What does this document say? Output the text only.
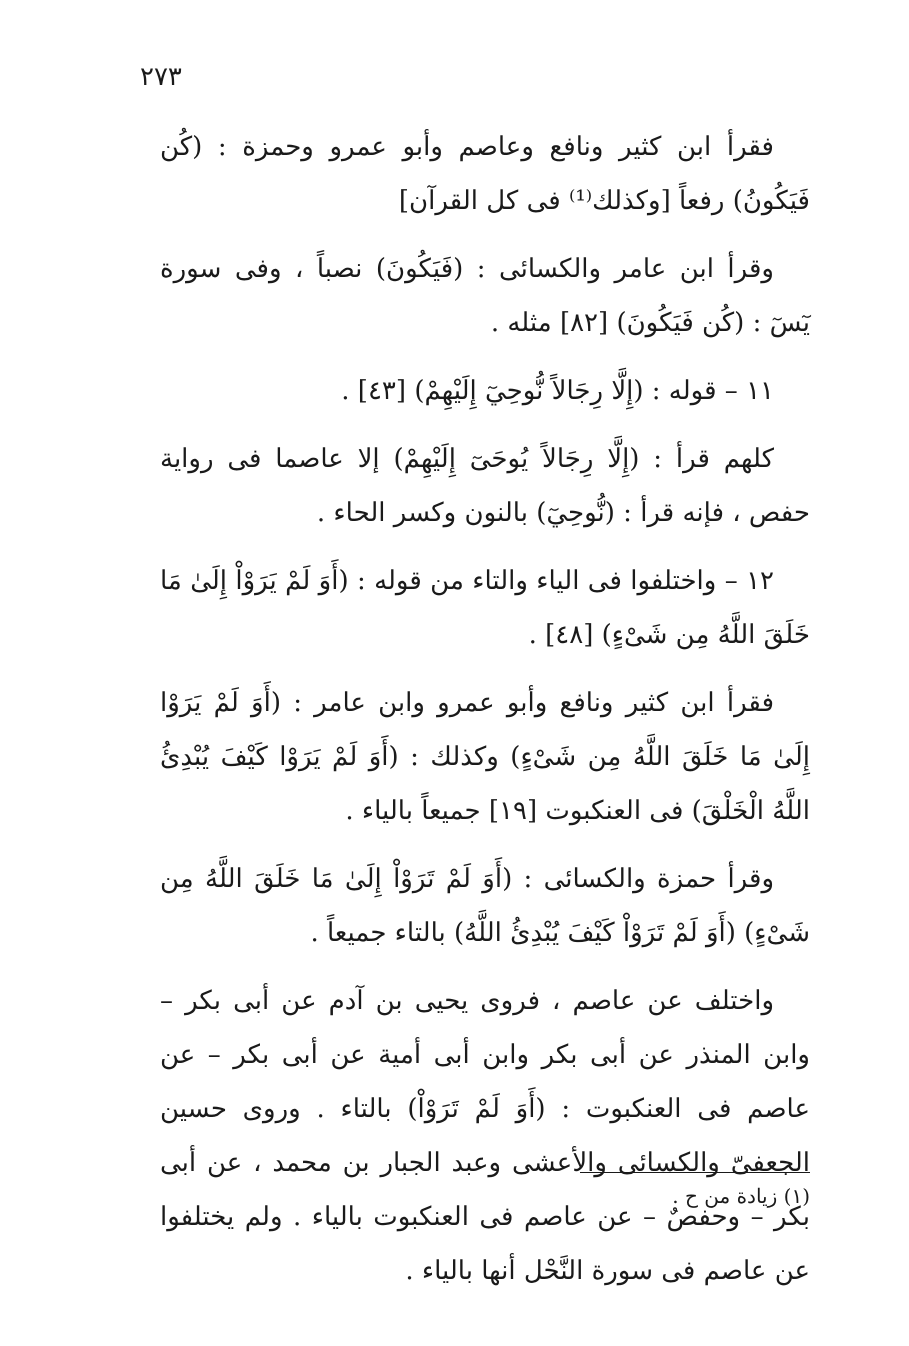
٢٧٣

فقرأ ابن كثير ونافع وعاصم وأبو عمرو وحمزة : (كُن فَيَكُونُ) رفعاً [وكذلك⁽¹⁾ فى كل القرآن]

وقرأ ابن عامر والكسائى : (فَيَكُونَ) نصباً ، وفى سورة يٓسٓ : (كُن فَيَكُونَ) [٨٢] مثله .

١١ – قوله : (إِلَّا رِجَالاً نُّوحِيٓ إِلَيْهِمْ) [٤٣] .

كلهم قرأ : (إِلَّا رِجَالاً يُوحَىٓ إِلَيْهِمْ) إلا عاصما فى رواية حفص ، فإنه قرأ : (نُّوحِيٓ) بالنون وكسر الحاء .

١٢ – واختلفوا فى الياء والتاء من قوله : (أَوَ لَمْ يَرَوْاْ إِلَىٰ مَا خَلَقَ اللَّهُ مِن شَىْءٍ) [٤٨] .

فقرأ ابن كثير ونافع وأبو عمرو وابن عامر : (أَوَ لَمْ يَرَوْا إِلَىٰ مَا خَلَقَ اللَّهُ مِن شَىْءٍ) وكذلك : (أَوَ لَمْ يَرَوْا كَيْفَ يُبْدِئُ اللَّهُ الْخَلْقَ) فى العنكبوت [١٩] جميعاً بالياء .

وقرأ حمزة والكسائى : (أَوَ لَمْ تَرَوْاْ إِلَىٰ مَا خَلَقَ اللَّهُ مِن شَىْءٍ) (أَوَ لَمْ تَرَوْاْ كَيْفَ يُبْدِئُ اللَّهُ) بالتاء جميعاً .

واختلف عن عاصم ، فروى يحيى بن آدم عن أبى بكر – وابن المنذر عن أبى بكر وابن أبى أمية عن أبى بكر – عن عاصم فى العنكبوت : (أَوَ لَمْ تَرَوْاْ) بالتاء . وروى حسين الجعفىّ والكسائى والأعشى وعبد الجبار بن محمد ، عن أبى بكر – وحفصٌ – عن عاصم فى العنكبوت بالياء . ولم يختلفوا عن عاصم فى سورة النَّحْل أنها بالياء .

(١) زيادة من ح .
